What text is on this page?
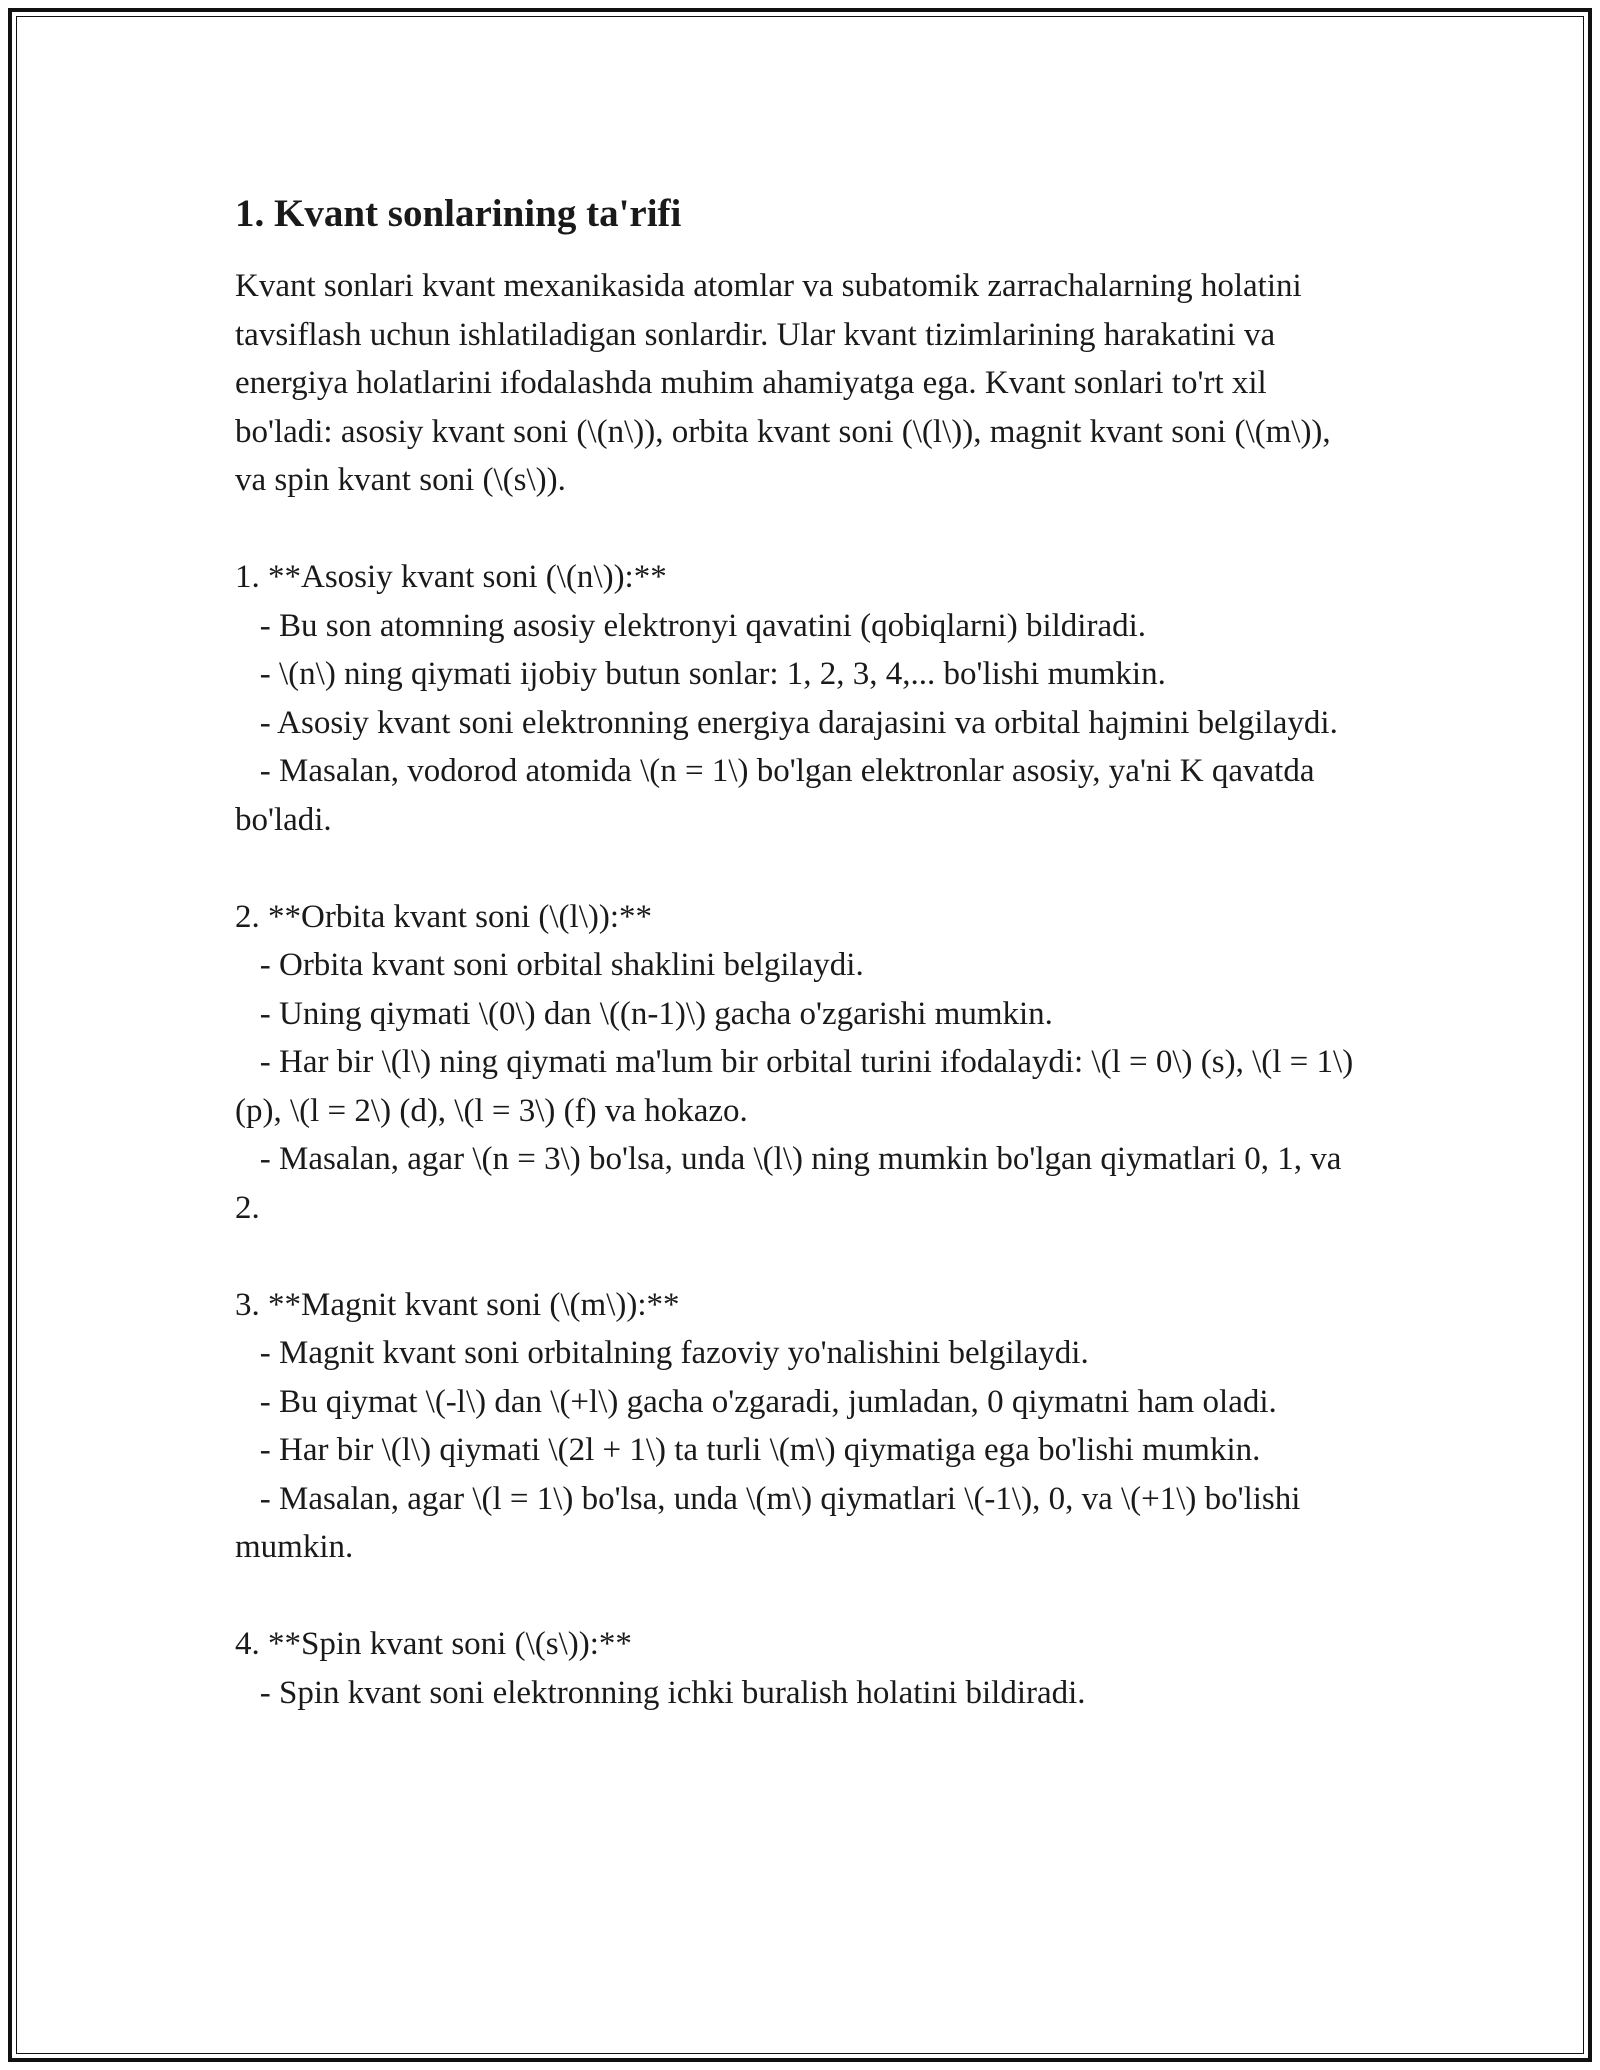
1. Kvant sonlarining ta'rifi

Kvant sonlari kvant mexanikasida atomlar va subatomik zarrachalarning holatini tavsiflash uchun ishlatiladigan sonlardir. Ular kvant tizimlarining harakatini va energiya holatlarini ifodalashda muhim ahamiyatga ega. Kvant sonlari to'rt xil bo'ladi: asosiy kvant soni (\(n\)), orbita kvant soni (\(l\)), magnit kvant soni (\(m\)), va spin kvant soni (\(s\)).

1. **Asosiy kvant soni (\(n\)):**

- Bu son atomning asosiy elektronyi qavatini (qobiqlarni) bildiradi.

- \(n\) ning qiymati ijobiy butun sonlar: 1, 2, 3, 4,... bo'lishi mumkin.

- Asosiy kvant soni elektronning energiya darajasini va orbital hajmini belgilaydi.

- Masalan, vodorod atomida \(n = 1\) bo'lgan elektronlar asosiy, ya'ni K qavatda bo'ladi.

2. **Orbita kvant soni (\(l\)):**

- Orbita kvant soni orbital shaklini belgilaydi.

- Uning qiymati \(0\) dan \((n-1)\) gacha o'zgarishi mumkin.

- Har bir \(l\) ning qiymati ma'lum bir orbital turini ifodalaydi: \(l = 0\) (s), \(l = 1\) (p), \(l = 2\) (d), \(l = 3\) (f) va hokazo.

- Masalan, agar \(n = 3\) bo'lsa, unda \(l\) ning mumkin bo'lgan qiymatlari 0, 1, va 2.

3. **Magnit kvant soni (\(m\)):**

- Magnit kvant soni orbitalning fazoviy yo'nalishini belgilaydi.

- Bu qiymat \(-l\) dan \(+l\) gacha o'zgaradi, jumladan, 0 qiymatni ham oladi.

- Har bir \(l\) qiymati \(2l + 1\) ta turli \(m\) qiymatiga ega bo'lishi mumkin.

- Masalan, agar \(l = 1\) bo'lsa, unda \(m\) qiymatlari \(-1\), 0, va \(+1\) bo'lishi mumkin.

4. **Spin kvant soni (\(s\)):**

- Spin kvant soni elektronning ichki buralish holatini bildiradi.
